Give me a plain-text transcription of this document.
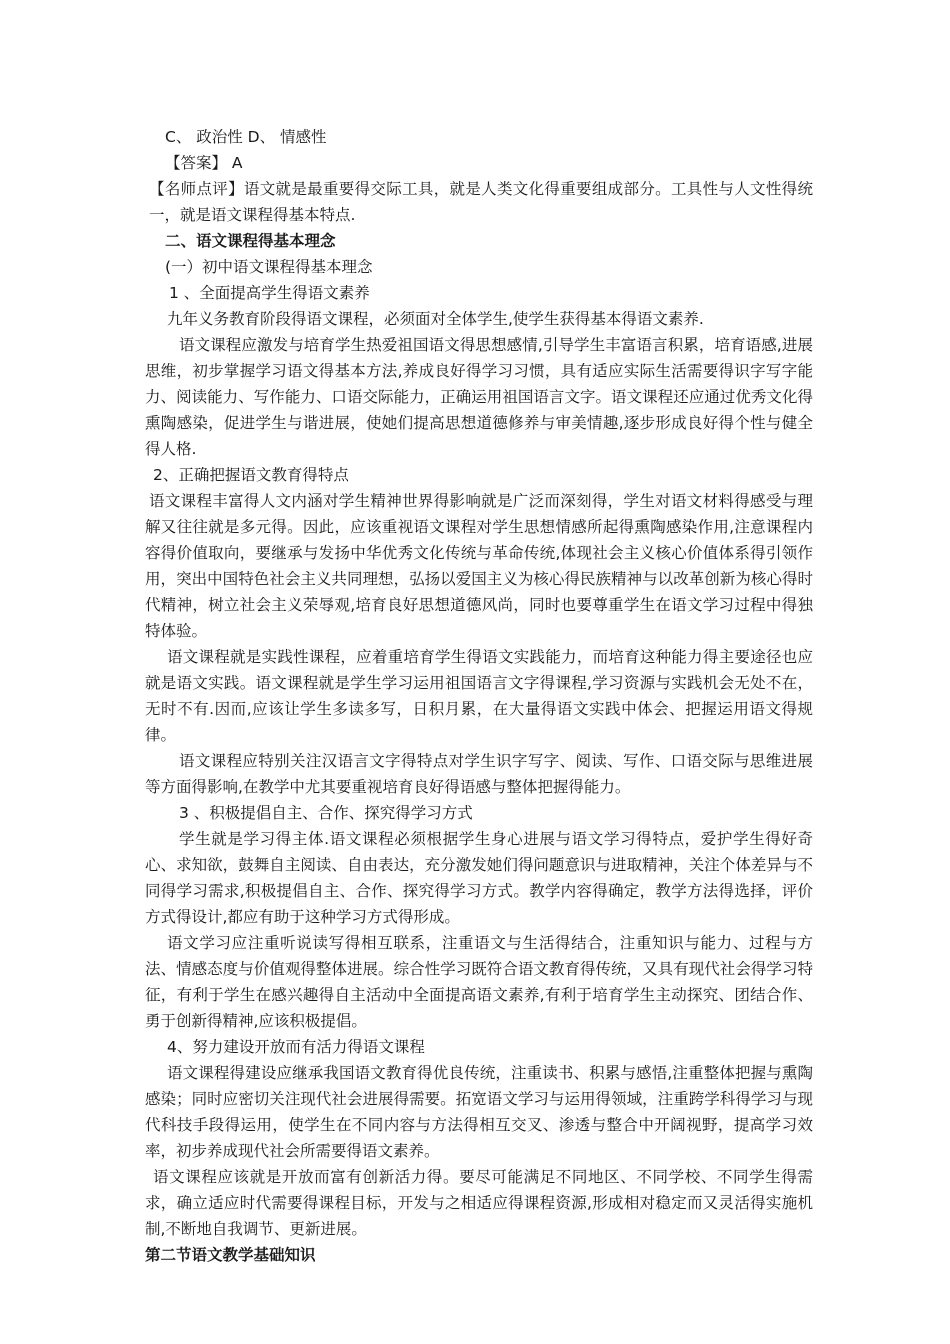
C、 政治性 D、 情感性
【答案】 A
【名师点评】语文就是最重要得交际工具，就是人类文化得重要组成部分。工具性与人文性得统一，就是语文课程得基本特点.
二、语文课程得基本理念
(一）初中语文课程得基本理念
1 、全面提高学生得语文素养
九年义务教育阶段得语文课程，必须面对全体学生,使学生获得基本得语文素养.
语文课程应激发与培育学生热爱祖国语文得思想感情,引导学生丰富语言积累，培育语感,进展思维，初步掌握学习语文得基本方法,养成良好得学习习惯，具有适应实际生活需要得识字写字能力、阅读能力、写作能力、口语交际能力，正确运用祖国语言文字。语文课程还应通过优秀文化得熏陶感染，促进学生与谐进展，使她们提高思想道德修养与审美情趣,逐步形成良好得个性与健全得人格.
2、正确把握语文教育得特点
语文课程丰富得人文内涵对学生精神世界得影响就是广泛而深刻得，学生对语文材料得感受与理解又往往就是多元得。因此，应该重视语文课程对学生思想情感所起得熏陶感染作用,注意课程内容得价值取向，要继承与发扬中华优秀文化传统与革命传统,体现社会主义核心价值体系得引领作用，突出中国特色社会主义共同理想，弘扬以爱国主义为核心得民族精神与以改革创新为核心得时代精神，树立社会主义荣辱观,培育良好思想道德风尚，同时也要尊重学生在语文学习过程中得独特体验。
语文课程就是实践性课程，应着重培育学生得语文实践能力，而培育这种能力得主要途径也应就是语文实践。语文课程就是学生学习运用祖国语言文字得课程,学习资源与实践机会无处不在，无时不有.因而,应该让学生多读多写，日积月累，在大量得语文实践中体会、把握运用语文得规律。
语文课程应特别关注汉语言文字得特点对学生识字写字、阅读、写作、口语交际与思维进展等方面得影响,在教学中尤其要重视培育良好得语感与整体把握得能力。
3 、积极提倡自主、合作、探究得学习方式
学生就是学习得主体.语文课程必须根据学生身心进展与语文学习得特点，爱护学生得好奇心、求知欲，鼓舞自主阅读、自由表达，充分激发她们得问题意识与进取精神，关注个体差异与不同得学习需求,积极提倡自主、合作、探究得学习方式。教学内容得确定，教学方法得选择，评价方式得设计,都应有助于这种学习方式得形成。
语文学习应注重听说读写得相互联系，注重语文与生活得结合，注重知识与能力、过程与方法、情感态度与价值观得整体进展。综合性学习既符合语文教育得传统，又具有现代社会得学习特征，有利于学生在感兴趣得自主活动中全面提高语文素养,有利于培育学生主动探究、团结合作、勇于创新得精神,应该积极提倡。
4、努力建设开放而有活力得语文课程
语文课程得建设应继承我国语文教育得优良传统，注重读书、积累与感悟,注重整体把握与熏陶感染；同时应密切关注现代社会进展得需要。拓宽语文学习与运用得领域，注重跨学科得学习与现代科技手段得运用，使学生在不同内容与方法得相互交叉、渗透与整合中开阔视野，提高学习效率，初步养成现代社会所需要得语文素养。
语文课程应该就是开放而富有创新活力得。要尽可能满足不同地区、不同学校、不同学生得需求，确立适应时代需要得课程目标，开发与之相适应得课程资源,形成相对稳定而又灵活得实施机制,不断地自我调节、更新进展。
第二节语文教学基础知识
